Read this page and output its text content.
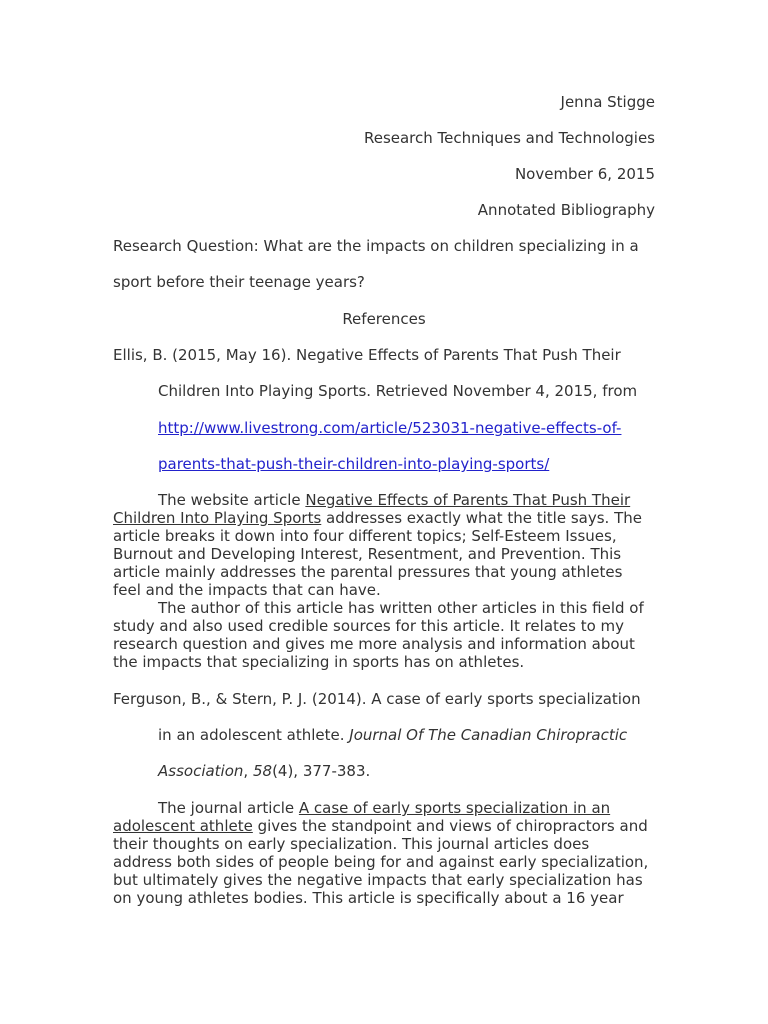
Jenna Stigge
Research Techniques and Technologies
November 6, 2015
Annotated Bibliography
Research Question: What are the impacts on children specializing in a
sport before their teenage years?
References
Ellis, B. (2015, May 16). Negative Effects of Parents That Push Their
Children Into Playing Sports. Retrieved November 4, 2015, from
http://www.livestrong.com/article/523031-negative-effects-of-
parents-that-push-their-children-into-playing-sports/
The website article Negative Effects of Parents That Push Their
Children Into Playing Sports addresses exactly what the title says. The
article breaks it down into four different topics; Self-Esteem Issues,
Burnout and Developing Interest, Resentment, and Prevention. This
article mainly addresses the parental pressures that young athletes
feel and the impacts that can have.
The author of this article has written other articles in this field of
study and also used credible sources for this article. It relates to my
research question and gives me more analysis and information about
the impacts that specializing in sports has on athletes.
Ferguson, B., & Stern, P. J. (2014). A case of early sports specialization
in an adolescent athlete. Journal Of The Canadian Chiropractic
Association, 58(4), 377-383.
The journal article A case of early sports specialization in an
adolescent athlete gives the standpoint and views of chiropractors and
their thoughts on early specialization. This journal articles does
address both sides of people being for and against early specialization,
but ultimately gives the negative impacts that early specialization has
on young athletes bodies. This article is specifically about a 16 year
